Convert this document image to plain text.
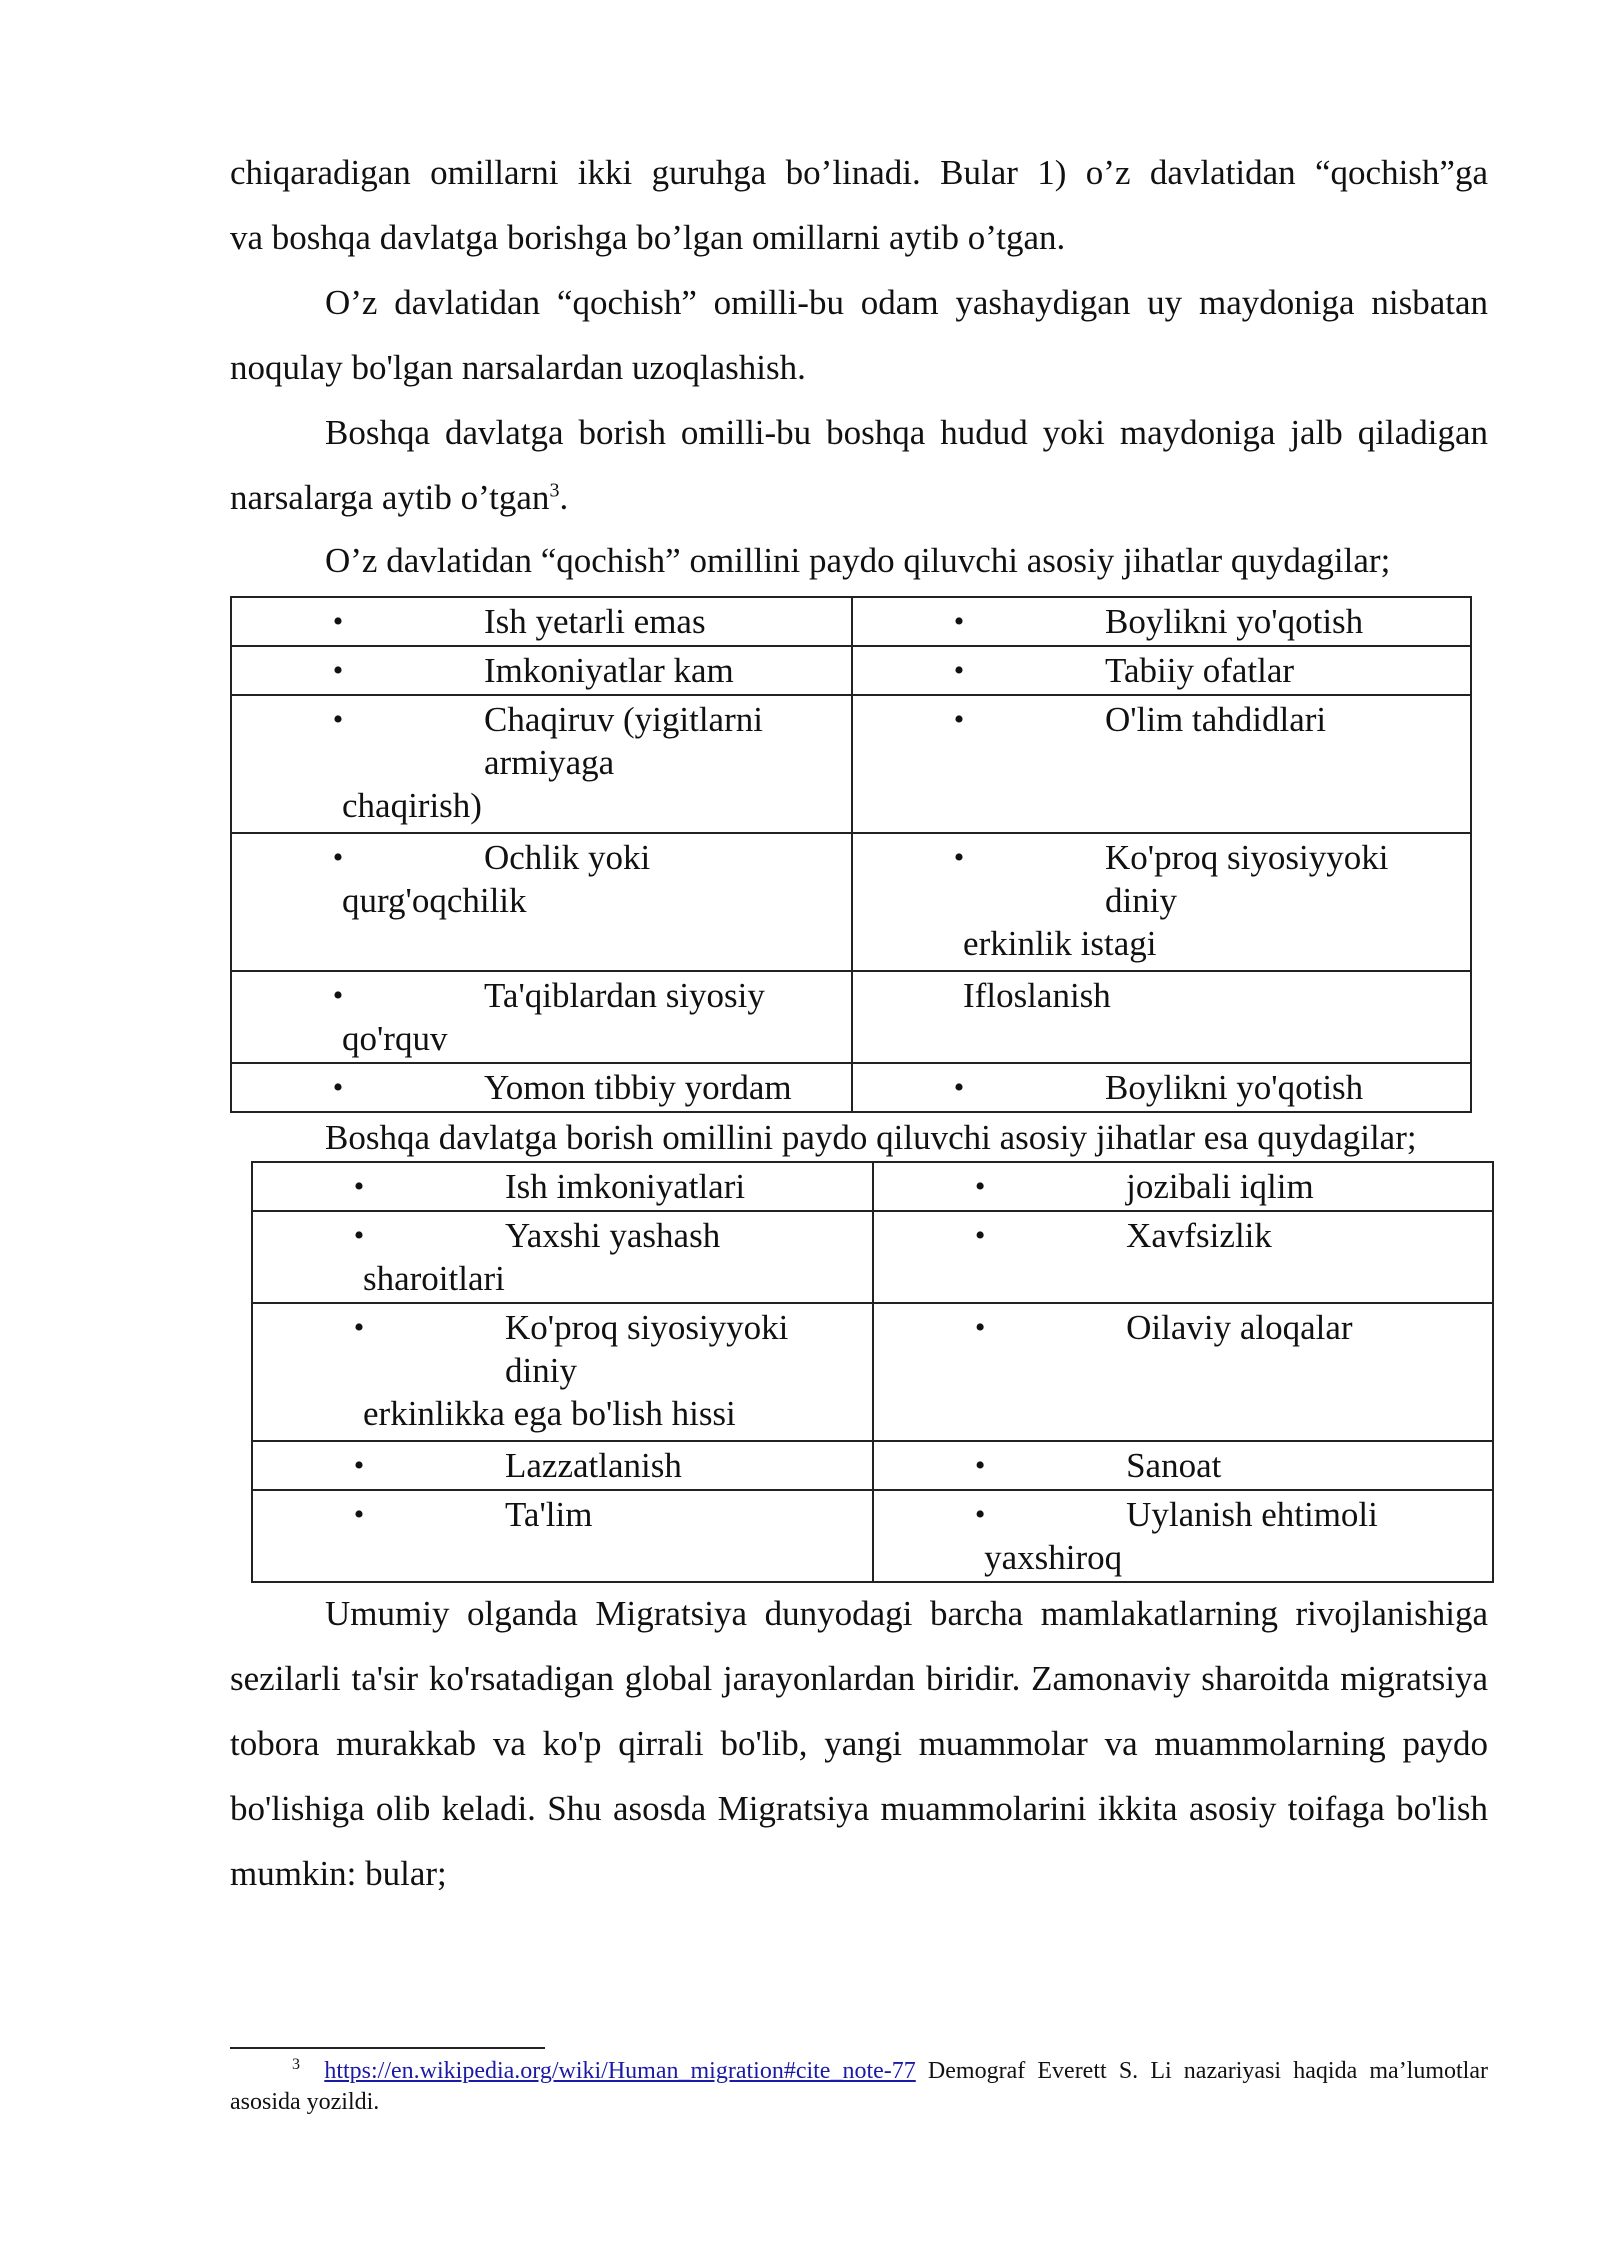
chiqaradigan omillarni ikki guruhga bo’linadi. Bular 1) o’z davlatidan “qochish”ga

va boshqa davlatga borishga bo’lgan omillarni aytib o’tgan.

O’z davlatidan “qochish” omilli-bu odam yashaydigan uy maydoniga nisbatan noqulay bo'lgan narsalardan uzoqlashish.

Boshqa davlatga borish omilli-bu boshqa hudud yoki maydoniga jalb qiladigan narsalarga aytib o’tgan$^3$.

O’z davlatidan “qochish” omillini paydo qiluvchi asosiy jihatlar quydagilar;

• Ish yetarli emas	• Boylikni yo'qotish

• Imkoniyatlar kam	• Tabiiy ofatlar

• Chaqiruv (yigitlarni armiyaga
chaqirish)	• O'lim tahdidlari

• Ochlik yoki
qurg'oqchilik	• Ko'proq siyosiyyoki diniy
erkinlik istagi

• Ta'qiblardan siyosiy
qo'rquv	Ifloslanish

• Yomon tibbiy yordam	• Boylikni yo'qotish

Boshqa davlatga borish omillini paydo qiluvchi asosiy jihatlar esa quydagilar;

• Ish imkoniyatlari	• jozibali iqlim

• Yaxshi yashash
sharoitlari	• Xavfsizlik

• Ko'proq siyosiyyoki diniy
erkinlikka ega bo'lish hissi	• Oilaviy aloqalar

• Lazzatlanish	• Sanoat

• Ta'lim	• Uylanish ehtimoli
yaxshiroq

Umumiy olganda Migratsiya dunyodagi barcha mamlakatlarning rivojlanishiga sezilarli ta'sir ko'rsatadigan global jarayonlardan biridir. Zamonaviy sharoitda migratsiya tobora murakkab va ko'p qirrali bo'lib, yangi muammolar va muammolarning paydo bo'lishiga olib keladi. Shu asosda Migratsiya muammolarini ikkita asosiy toifaga bo'lish mumkin: bular;

$^3$ https://en.wikipedia.org/wiki/Human_migration#cite_note-77 Demograf Everett S. Li nazariyasi haqida ma’lumotlar asosida yozildi.
